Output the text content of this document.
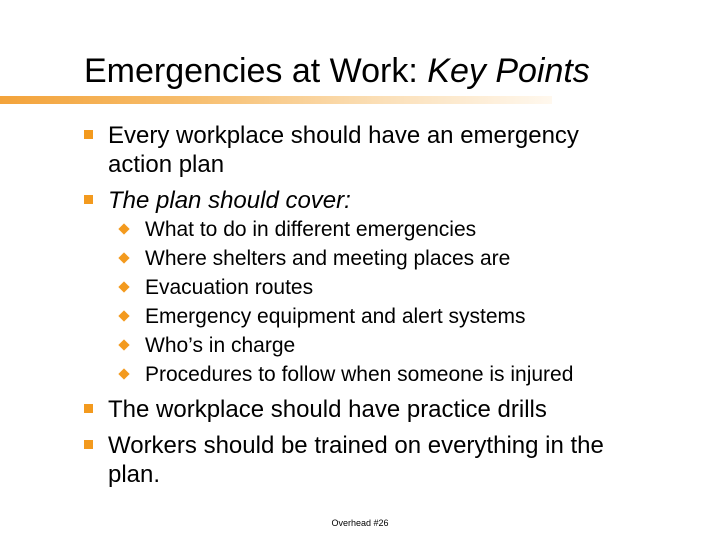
Emergencies at Work: Key Points
Every workplace should have an emergency action plan
The plan should cover:
What to do in different emergencies
Where shelters and meeting places are
Evacuation routes
Emergency equipment and alert systems
Who’s in charge
Procedures to follow when someone is injured
The workplace should have practice drills
Workers should be trained on everything in the plan.
Overhead #26
